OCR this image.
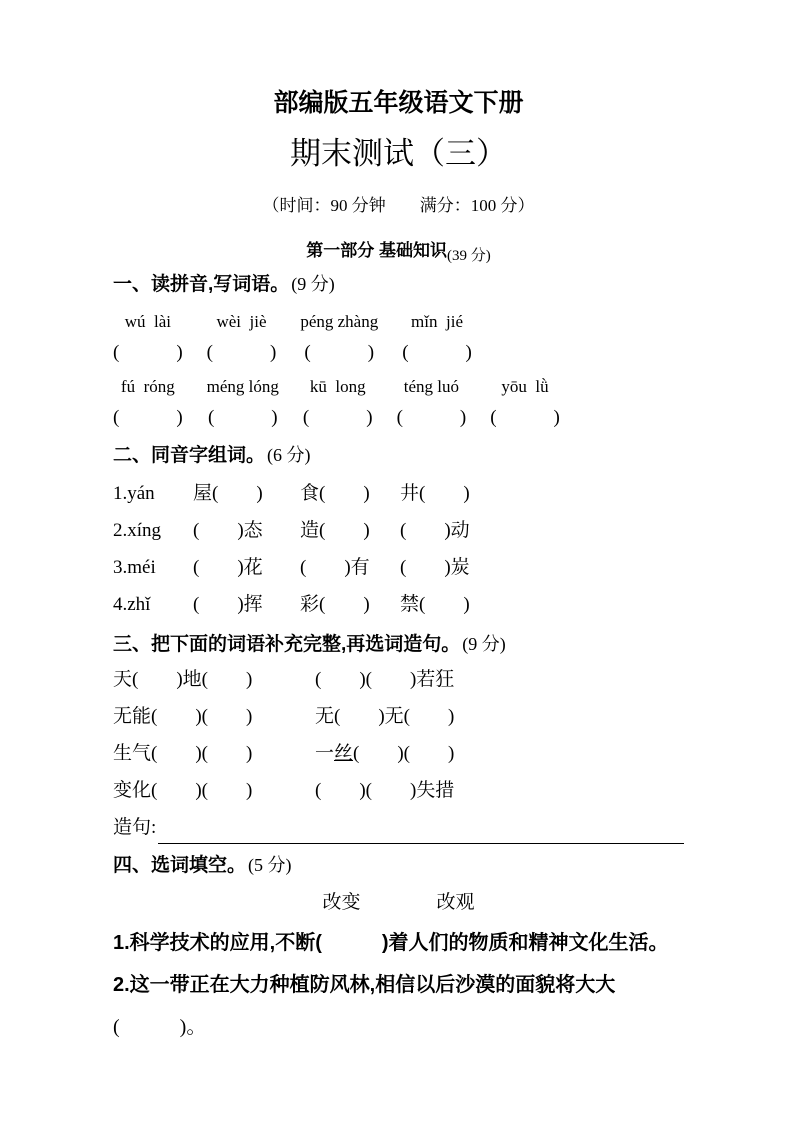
部编版五年级语文下册
期末测试（三）
（时间：90 分钟　　满分：100 分）
第一部分 基础知识(39 分)
一、读拼音,写词语。 (9 分)
wú  lài
(　　　)
wèi  jiè
(　　　)
péng zhàng
(　　　)
mǐn  jié
(　　　)
fú  róng
(　　　)
méng lóng
(　　　)
kū  long
(　　　)
téng luó
(　　　)
yōu  lǜ
(　　　)
二、同音字组词。 (6 分)
1.yán	屋(　　)	食(　　)	井(　　)
2.xíng	(　　)态	造(　　)	(　　)动
3.méi	(　　)花	(　　)有	(　　)炭
4.zhǐ	(　　)挥	彩(　　)	禁(　　)
三、把下面的词语补充完整,再选词造句。 (9 分)
天(　　)地(　　)	(　　)(　　)若狂
无能(　　)(　　)	无(　　)无(　　)
生气(　　)(　　)	一丝(　　)(　　)
变化(　　)(　　)	(　　)(　　)失措
造句:
四、选词填空。 (5 分)
改变	改观
1.科学技术的应用,不断(　　　)着人们的物质和精神文化生活。
2.这一带正在大力种植防风林,相信以后沙漠的面貌将大大
(　　　)。
